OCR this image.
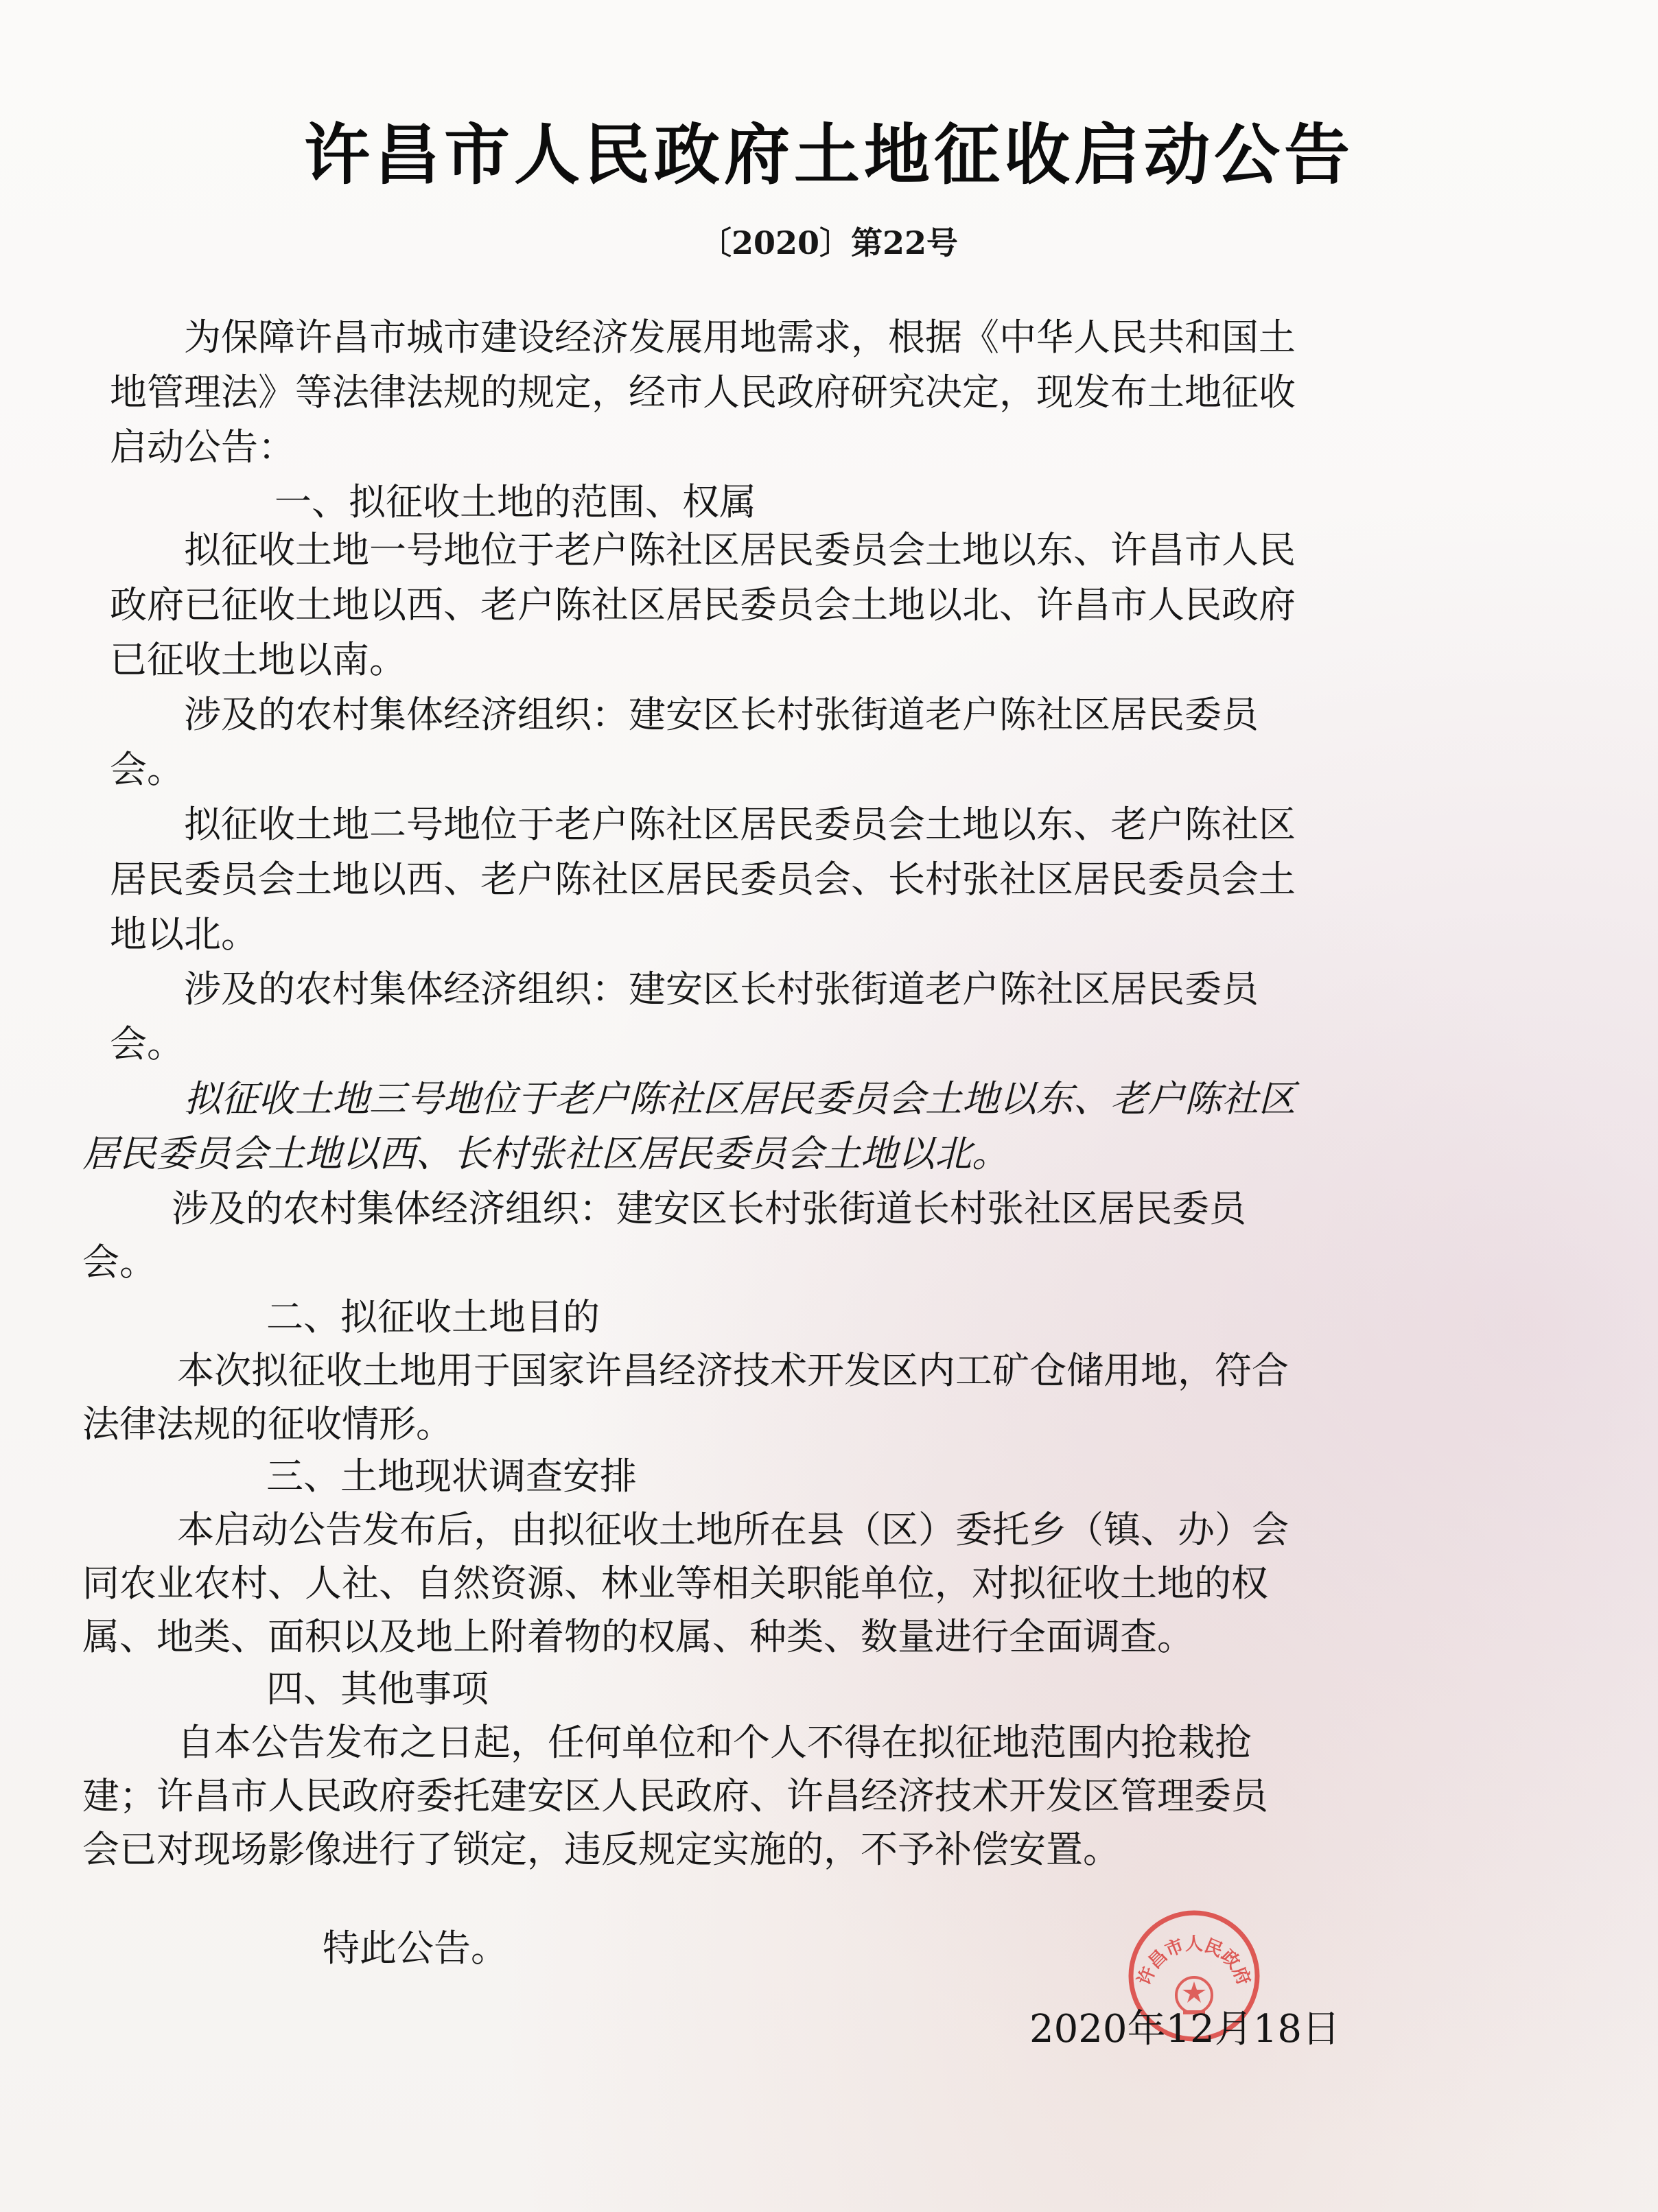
许昌市人民政府土地征收启动公告
〔2020〕第22号
为保障许昌市城市建设经济发展用地需求，根据《中华人民共和国土
地管理法》等法律法规的规定，经市人民政府研究决定，现发布土地征收
启动公告：
一、拟征收土地的范围、权属
拟征收土地一号地位于老户陈社区居民委员会土地以东、许昌市人民
政府已征收土地以西、老户陈社区居民委员会土地以北、许昌市人民政府
已征收土地以南。
涉及的农村集体经济组织：建安区长村张街道老户陈社区居民委员
会。
拟征收土地二号地位于老户陈社区居民委员会土地以东、老户陈社区
居民委员会土地以西、老户陈社区居民委员会、长村张社区居民委员会土
地以北。
涉及的农村集体经济组织：建安区长村张街道老户陈社区居民委员
会。
拟征收土地三号地位于老户陈社区居民委员会土地以东、老户陈社区
居民委员会土地以西、长村张社区居民委员会土地以北。
涉及的农村集体经济组织：建安区长村张街道长村张社区居民委员
会。
二、拟征收土地目的
本次拟征收土地用于国家许昌经济技术开发区内工矿仓储用地，符合
法律法规的征收情形。
三、土地现状调查安排
本启动公告发布后，由拟征收土地所在县（区）委托乡（镇、办）会
同农业农村、人社、自然资源、林业等相关职能单位，对拟征收土地的权
属、地类、面积以及地上附着物的权属、种类、数量进行全面调查。
四、其他事项
自本公告发布之日起，任何单位和个人不得在拟征地范围内抢栽抢
建；许昌市人民政府委托建安区人民政府、许昌经济技术开发区管理委员
会已对现场影像进行了锁定，违反规定实施的，不予补偿安置。
特此公告。
许昌市人民政府
2020年12月18日
